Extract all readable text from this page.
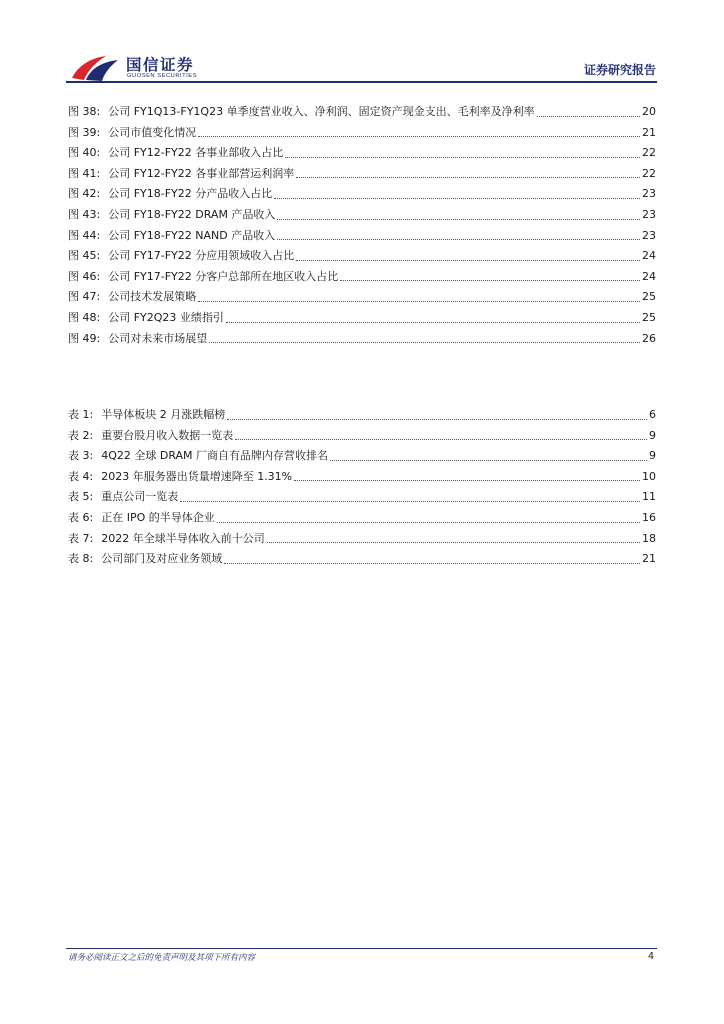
国信证券
GUOSEN SECURITIES	证券研究报告
图 38: 公司 FY1Q13-FY1Q23 单季度营业收入、净利润、固定资产现金支出、毛利率及净利率	20
图 39: 公司市值变化情况	21
图 40: 公司 FY12-FY22 各事业部收入占比	22
图 41: 公司 FY12-FY22 各事业部营运利润率	22
图 42: 公司 FY18-FY22 分产品收入占比	23
图 43: 公司 FY18-FY22 DRAM 产品收入	23
图 44: 公司 FY18-FY22 NAND 产品收入	23
图 45: 公司 FY17-FY22 分应用领域收入占比	24
图 46: 公司 FY17-FY22 分客户总部所在地区收入占比	24
图 47: 公司技术发展策略	25
图 48: 公司 FY2Q23 业绩指引	25
图 49: 公司对未来市场展望	26
表 1: 半导体板块 2 月涨跌幅榜	6
表 2: 重要台股月收入数据一览表	9
表 3: 4Q22 全球 DRAM 厂商自有品牌内存营收排名	9
表 4: 2023 年服务器出货量增速降至 1.31%	10
表 5: 重点公司一览表	11
表 6: 正在 IPO 的半导体企业	16
表 7: 2022 年全球半导体收入前十公司	18
表 8: 公司部门及对应业务领域	21
请务必阅读正文之后的免责声明及其项下所有内容	4
